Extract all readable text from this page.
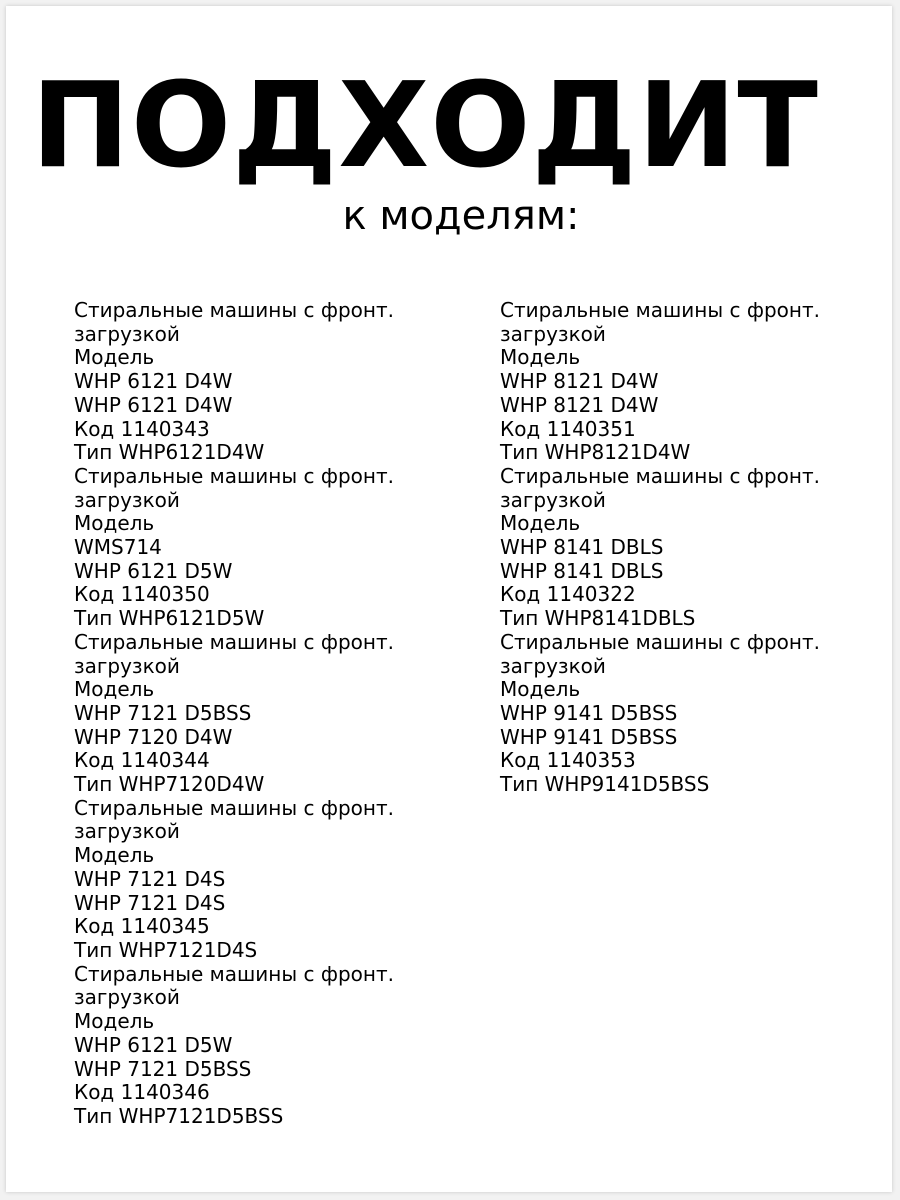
ПОДХОДИТ
к моделям:
Стиральные машины с фронт.
загрузкой
Модель
WHP 6121 D4W
WHP 6121 D4W
Код 1140343
Тип WHP6121D4W
Стиральные машины с фронт.
загрузкой
Модель
WMS714
WHP 6121 D5W
Код 1140350
Тип WHP6121D5W
Стиральные машины с фронт.
загрузкой
Модель
WHP 7121 D5BSS
WHP 7120 D4W
Код 1140344
Тип WHP7120D4W
Стиральные машины с фронт.
загрузкой
Модель
WHP 7121 D4S
WHP 7121 D4S
Код 1140345
Тип WHP7121D4S
Стиральные машины с фронт.
загрузкой
Модель
WHP 6121 D5W
WHP 7121 D5BSS
Код 1140346
Тип WHP7121D5BSS
Стиральные машины с фронт.
загрузкой
Модель
WHP 8121 D4W
WHP 8121 D4W
Код 1140351
Тип WHP8121D4W
Стиральные машины с фронт.
загрузкой
Модель
WHP 8141 DBLS
WHP 8141 DBLS
Код 1140322
Тип WHP8141DBLS
Стиральные машины с фронт.
загрузкой
Модель
WHP 9141 D5BSS
WHP 9141 D5BSS
Код 1140353
Тип WHP9141D5BSS
